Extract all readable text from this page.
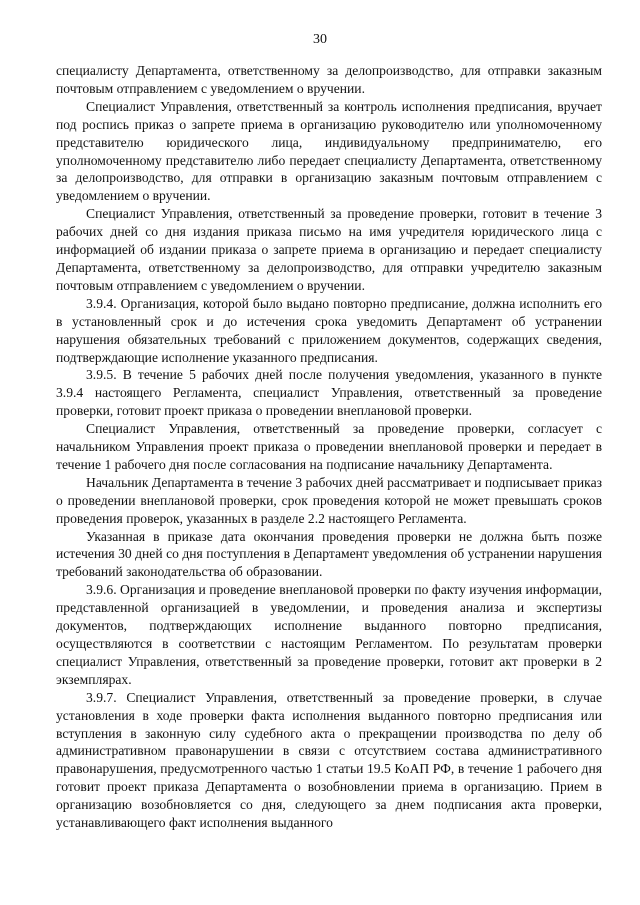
30

специалисту Департамента, ответственному за делопроизводство, для отправки заказным почтовым отправлением с уведомлением о вручении.

Специалист Управления, ответственный за контроль исполнения предписания, вручает под роспись приказ о запрете приема в организацию руководителю или уполномоченному представителю юридического лица, индивидуальному предпринимателю, его уполномоченному представителю либо передает специалисту Департамента, ответственному за делопроизводство, для отправки в организацию заказным почтовым отправлением с уведомлением о вручении.

Специалист Управления, ответственный за проведение проверки, готовит в течение 3 рабочих дней со дня издания приказа письмо на имя учредителя юридического лица с информацией об издании приказа о запрете приема в организацию и передает специалисту Департамента, ответственному за делопроизводство, для отправки учредителю заказным почтовым отправлением с уведомлением о вручении.

3.9.4. Организация, которой было выдано повторно предписание, должна исполнить его в установленный срок и до истечения срока уведомить Департамент об устранении нарушения обязательных требований с приложением документов, содержащих сведения, подтверждающие исполнение указанного предписания.

3.9.5. В течение 5 рабочих дней после получения уведомления, указанного в пункте 3.9.4 настоящего Регламента, специалист Управления, ответственный за проведение проверки, готовит проект приказа о проведении внеплановой проверки.

Специалист Управления, ответственный за проведение проверки, согласует с начальником Управления проект приказа о проведении внеплановой проверки и передает в течение 1 рабочего дня после согласования на подписание начальнику Департамента.

Начальник Департамента в течение 3 рабочих дней рассматривает и подписывает приказ о проведении внеплановой проверки, срок проведения которой не может превышать сроков проведения проверок, указанных в разделе 2.2 настоящего Регламента.

Указанная в приказе дата окончания проведения проверки не должна быть позже истечения 30 дней со дня поступления в Департамент уведомления об устранении нарушения требований законодательства об образовании.

3.9.6. Организация и проведение внеплановой проверки по факту изучения информации, представленной организацией в уведомлении, и проведения анализа и экспертизы документов, подтверждающих исполнение выданного повторно предписания, осуществляются в соответствии с настоящим Регламентом. По результатам проверки специалист Управления, ответственный за проведение проверки, готовит акт проверки в 2 экземплярах.

3.9.7. Специалист Управления, ответственный за проведение проверки, в случае установления в ходе проверки факта исполнения выданного повторно предписания или вступления в законную силу судебного акта о прекращении производства по делу об административном правонарушении в связи с отсутствием состава административного правонарушения, предусмотренного частью 1 статьи 19.5 КоАП РФ, в течение 1 рабочего дня готовит проект приказа Департамента о возобновлении приема в организацию. Прием в организацию возобновляется со дня, следующего за днем подписания акта проверки, устанавливающего факт исполнения выданного
